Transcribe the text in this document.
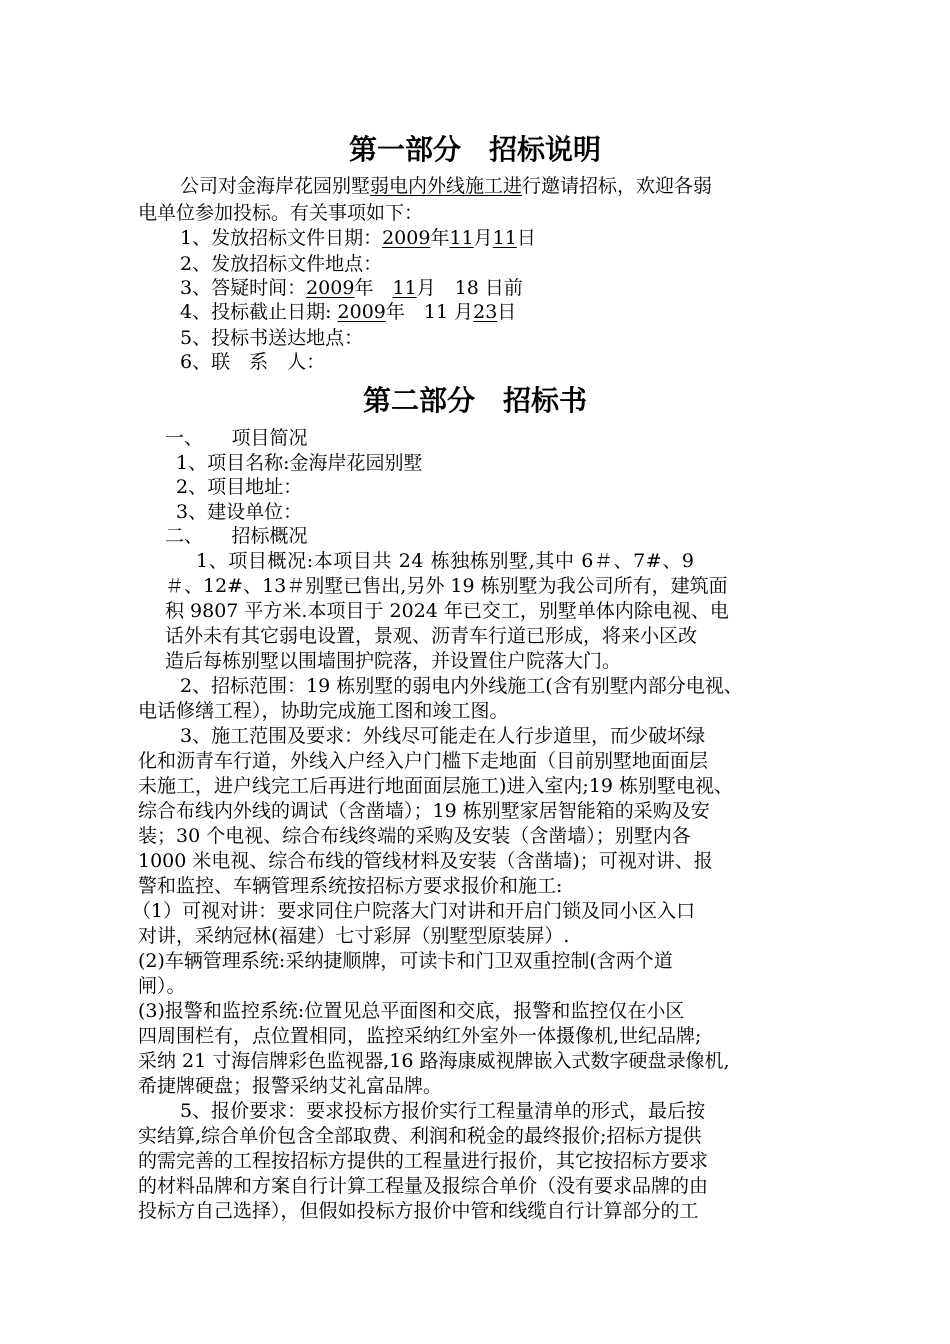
第一部分　招标说明
公司对金海岸花园别墅弱电内外线施工进行邀请招标，欢迎各弱
电单位参加投标。有关事项如下：
1、发放招标文件日期：2009年11月11日
2、发放招标文件地点：
3、答疑时间：2009年　11月　18 日前
4、投标截止日期: 2009年　11 月23日
5、投标书送达地点：
6、联　系　人：
第二部分　招标书
一、　　项目简况
1、项目名称:金海岸花园别墅
2、项目地址：
3、建设单位：
二、　　招标概况
1、项目概况:本项目共 24 栋独栋别墅,其中 6＃、7#、9
＃、12#、13＃别墅已售出,另外 19 栋别墅为我公司所有，建筑面
积 9807 平方米.本项目于 2024 年已交工，别墅单体内除电视、电
话外未有其它弱电设置，景观、沥青车行道已形成，将来小区改
造后每栋别墅以围墙围护院落，并设置住户院落大门。
2、招标范围：19 栋别墅的弱电内外线施工(含有别墅内部分电视、
电话修缮工程），协助完成施工图和竣工图。
3、施工范围及要求：外线尽可能走在人行步道里，而少破坏绿
化和沥青车行道，外线入户经入户门槛下走地面（目前别墅地面面层
未施工，进户线完工后再进行地面面层施工)进入室内;19 栋别墅电视、
综合布线内外线的调试（含凿墙）；19 栋别墅家居智能箱的采购及安
装；30 个电视、综合布线终端的采购及安装（含凿墙）；别墅内各
1000 米电视、综合布线的管线材料及安装（含凿墙)；可视对讲、报
警和监控、车辆管理系统按招标方要求报价和施工:
（1）可视对讲：要求同住户院落大门对讲和开启门锁及同小区入口
对讲，采纳冠林(福建）七寸彩屏（别墅型原装屏）.
(2)车辆管理系统:采纳捷顺牌，可读卡和门卫双重控制(含两个道
闸）。
(3)报警和监控系统:位置见总平面图和交底，报警和监控仅在小区
四周围栏有，点位置相同，监控采纳红外室外一体摄像机,世纪品牌;
采纳 21 寸海信牌彩色监视器,16 路海康威视牌嵌入式数字硬盘录像机,
希捷牌硬盘；报警采纳艾礼富品牌。
5、报价要求：要求投标方报价实行工程量清单的形式，最后按
实结算,综合单价包含全部取费、利润和税金的最终报价;招标方提供
的需完善的工程按招标方提供的工程量进行报价，其它按招标方要求
的材料品牌和方案自行计算工程量及报综合单价（没有要求品牌的由
投标方自己选择），但假如投标方报价中管和线缆自行计算部分的工
